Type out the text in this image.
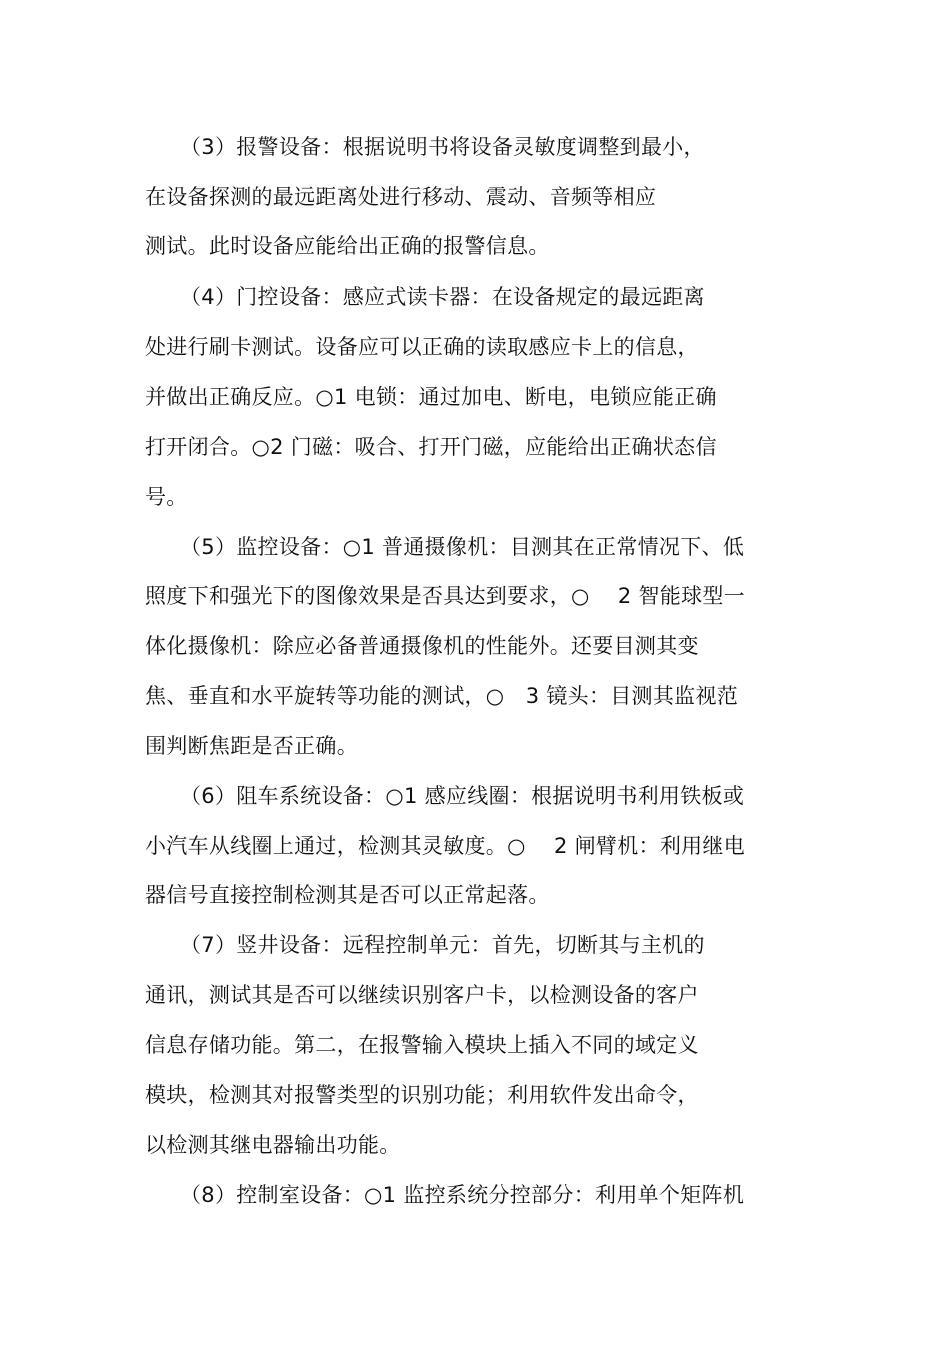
（3）报警设备：根据说明书将设备灵敏度调整到最小，
在设备探测的最远距离处进行移动、震动、音频等相应
测试。此时设备应能给出正确的报警信息。
（4）门控设备：感应式读卡器：在设备规定的最远距离
处进行刷卡测试。设备应可以正确的读取感应卡上的信息，
并做出正确反应。○1 电锁：通过加电、断电，电锁应能正确
打开闭合。○2 门磁：吸合、打开门磁，应能给出正确状态信
号。
（5）监控设备：○1 普通摄像机：目测其在正常情况下、低
照度下和强光下的图像效果是否具达到要求，○　 2 智能球型一
体化摄像机：除应必备普通摄像机的性能外。还要目测其变
焦、垂直和水平旋转等功能的测试，○　3 镜头：目测其监视范
围判断焦距是否正确。
（6）阻车系统设备：○1 感应线圈：根据说明书利用铁板或
小汽车从线圈上通过，检测其灵敏度。○　 2 闸臂机：利用继电
器信号直接控制检测其是否可以正常起落。
（7）竖井设备：远程控制单元：首先，切断其与主机的
通讯，测试其是否可以继续识别客户卡，以检测设备的客户
信息存储功能。第二，在报警输入模块上插入不同的域定义
模块，检测其对报警类型的识别功能；利用软件发出命令，
以检测其继电器输出功能。
（8）控制室设备：○1 监控系统分控部分：利用单个矩阵机
